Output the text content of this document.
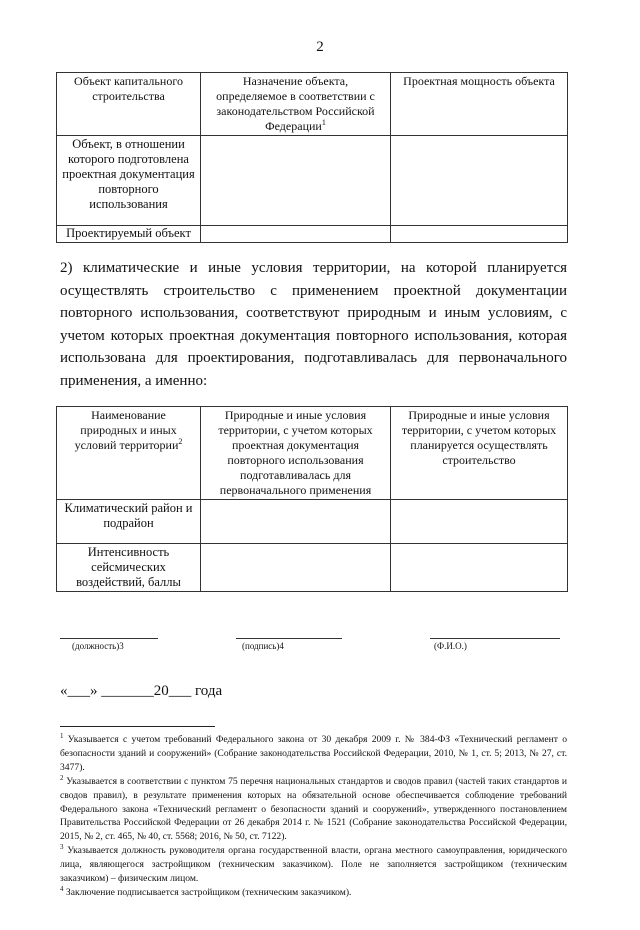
2
Объект капитального строительства	Назначение объекта, определяемое в соответствии с законодательством Российской Федерации$^1$	Проектная мощность объекта
Объект, в отношении которого подготовлена проектная документация повторного использования		
Проектируемый объект		

2) климатические и иные условия территории, на которой планируется осуществлять строительство с применением проектной документации повторного использования, соответствуют природным и иным условиям, с учетом которых проектная документация повторного использования, которая использована для проектирования, подготавливалась для первоначального применения, а именно:

Наименование природных и иных условий территории$^2$	Природные и иные условия территории, с учетом которых проектная документация повторного использования подготавливалась для первоначального применения	Природные и иные условия территории, с учетом которых планируется осуществлять строительство
Климатический район и подрайон		
Интенсивность сейсмических воздействий, баллы		
(должность)3	(подпись)4	(Ф.И.О.)
«___» _______20___ года
$^1$ Указывается с учетом требований Федерального закона от 30 декабря 2009 г. № 384-ФЗ «Технический регламент о безопасности зданий и сооружений» (Собрание законодательства Российской Федерации, 2010, № 1, ст. 5; 2013, № 27, ст. 3477).
$^2$ Указывается в соответствии с пунктом 75 перечня национальных стандартов и сводов правил (частей таких стандартов и сводов правил), в результате применения которых на обязательной основе обеспечивается соблюдение требований Федерального закона «Технический регламент о безопасности зданий и сооружений», утвержденного постановлением Правительства Российской Федерации от 26 декабря 2014 г. № 1521 (Собрание законодательства Российской Федерации, 2015, № 2, ст. 465, № 40, ст. 5568; 2016, № 50, ст. 7122).
$^3$ Указывается должность руководителя органа государственной власти, органа местного самоуправления, юридического лица, являющегося застройщиком (техническим заказчиком). Поле не заполняется застройщиком (техническим заказчиком) – физическим лицом.
$^4$ Заключение подписывается застройщиком (техническим заказчиком).
